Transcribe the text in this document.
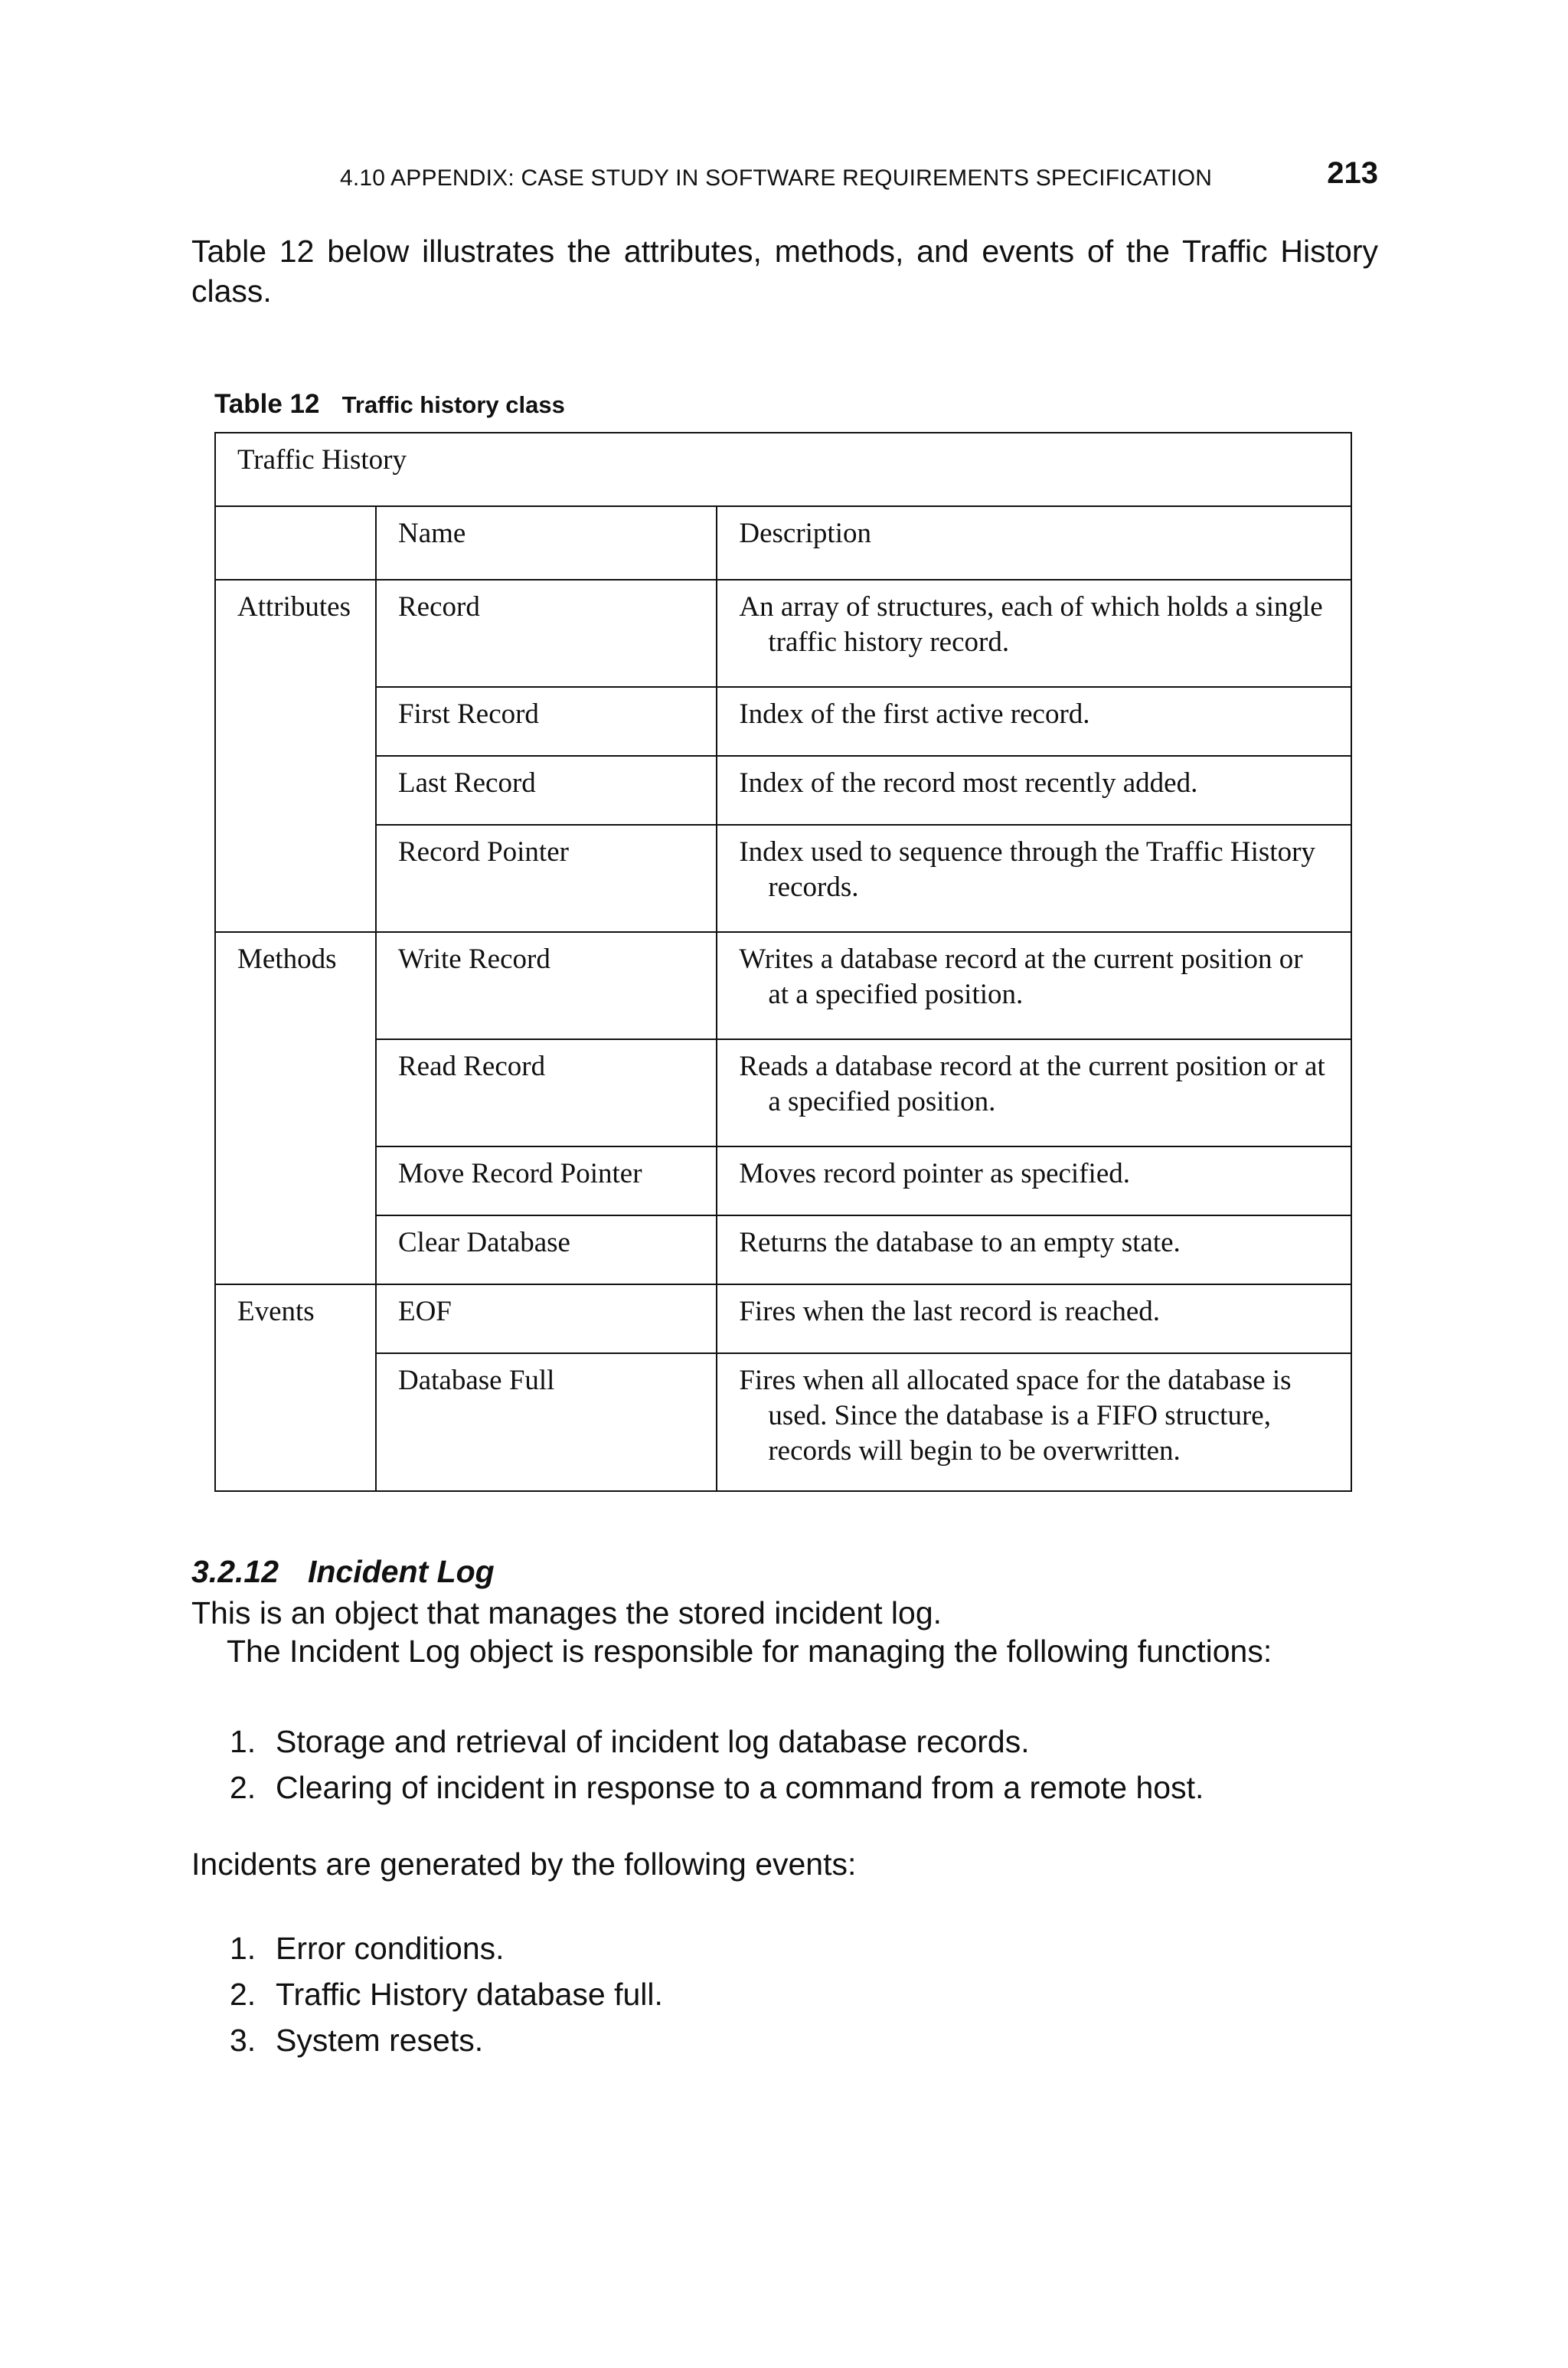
4.10 APPENDIX: CASE STUDY IN SOFTWARE REQUIREMENTS SPECIFICATION	213

Table 12 below illustrates the attributes, methods, and events of the Traffic History class.

Table 12 Traffic history class
Traffic History		
	Name	Description
Attributes	Record	An array of structures, each of which holds a single traffic history record.

	First Record	Index of the first active record.

	Last Record	Index of the record most recently added.

	Record Pointer	Index used to sequence through the Traffic History records.

Methods	Write Record	Writes a database record at the current position or at a specified position.

	Read Record	Reads a database record at the current position or at a specified position.

	Move Record Pointer	Moves record pointer as specified.

	Clear Database	Returns the database to an empty state.

Events	EOF	Fires when the last record is reached.

	Database Full	Fires when all allocated space for the database is used. Since the database is a FIFO structure, records will begin to be overwritten.
3.2.12 Incident Log

This is an object that manages the stored incident log.

The Incident Log object is responsible for managing the following functions:

1. Storage and retrieval of incident log database records.
2. Clearing of incident in response to a command from a remote host.

Incidents are generated by the following events:

1. Error conditions.
2. Traffic History database full.
3. System resets.
